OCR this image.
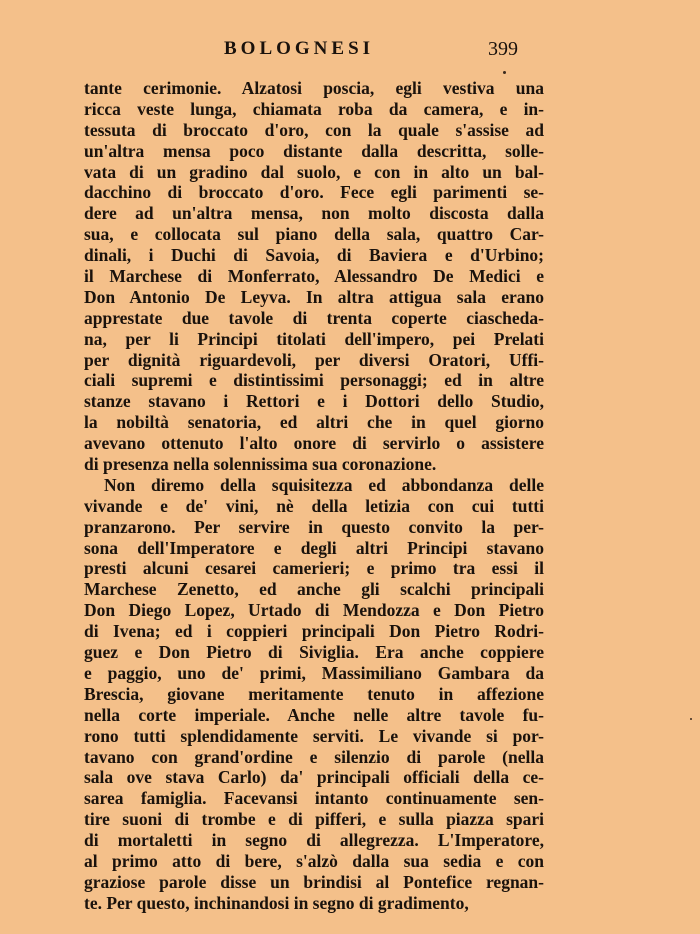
BOLOGNESI	399
tante cerimonie. Alzatosi poscia, egli vestiva una
ricca veste lunga, chiamata roba da camera, e in-
tessuta di broccato d'oro, con la quale s'assise ad
un'altra mensa poco distante dalla descritta, solle-
vata di un gradino dal suolo, e con in alto un bal-
dacchino di broccato d'oro. Fece egli parimenti se-
dere ad un'altra mensa, non molto discosta dalla
sua, e collocata sul piano della sala, quattro Car-
dinali, i Duchi di Savoia, di Baviera e d'Urbino;
il Marchese di Monferrato, Alessandro De Medici e
Don Antonio De Leyva. In altra attigua sala erano
apprestate due tavole di trenta coperte ciascheda-
na, per li Principi titolati dell'impero, pei Prelati
per dignità riguardevoli, per diversi Oratori, Uffi-
ciali supremi e distintissimi personaggi; ed in altre
stanze stavano i Rettori e i Dottori dello Studio,
la nobiltà senatoria, ed altri che in quel giorno
avevano ottenuto l'alto onore di servirlo o assistere
di presenza nella solennissima sua coronazione.
Non diremo della squisitezza ed abbondanza delle
vivande e de' vini, nè della letizia con cui tutti
pranzarono. Per servire in questo convito la per-
sona dell'Imperatore e degli altri Principi stavano
presti alcuni cesarei camerieri; e primo tra essi il
Marchese Zenetto, ed anche gli scalchi principali
Don Diego Lopez, Urtado di Mendozza e Don Pietro
di Ivena; ed i coppieri principali Don Pietro Rodri-
guez e Don Pietro di Siviglia. Era anche coppiere
e paggio, uno de' primi, Massimiliano Gambara da
Brescia, giovane meritamente tenuto in affezione
nella corte imperiale. Anche nelle altre tavole fu-
rono tutti splendidamente serviti. Le vivande si por-
tavano con grand'ordine e silenzio di parole (nella
sala ove stava Carlo) da' principali officiali della ce-
sarea famiglia. Facevansi intanto continuamente sen-
tire suoni di trombe e di pifferi, e sulla piazza spari
di mortaletti in segno di allegrezza. L'Imperatore,
al primo atto di bere, s'alzò dalla sua sedia e con
graziose parole disse un brindisi al Pontefice regnan-
te. Per questo, inchinandosi in segno di gradimento,
